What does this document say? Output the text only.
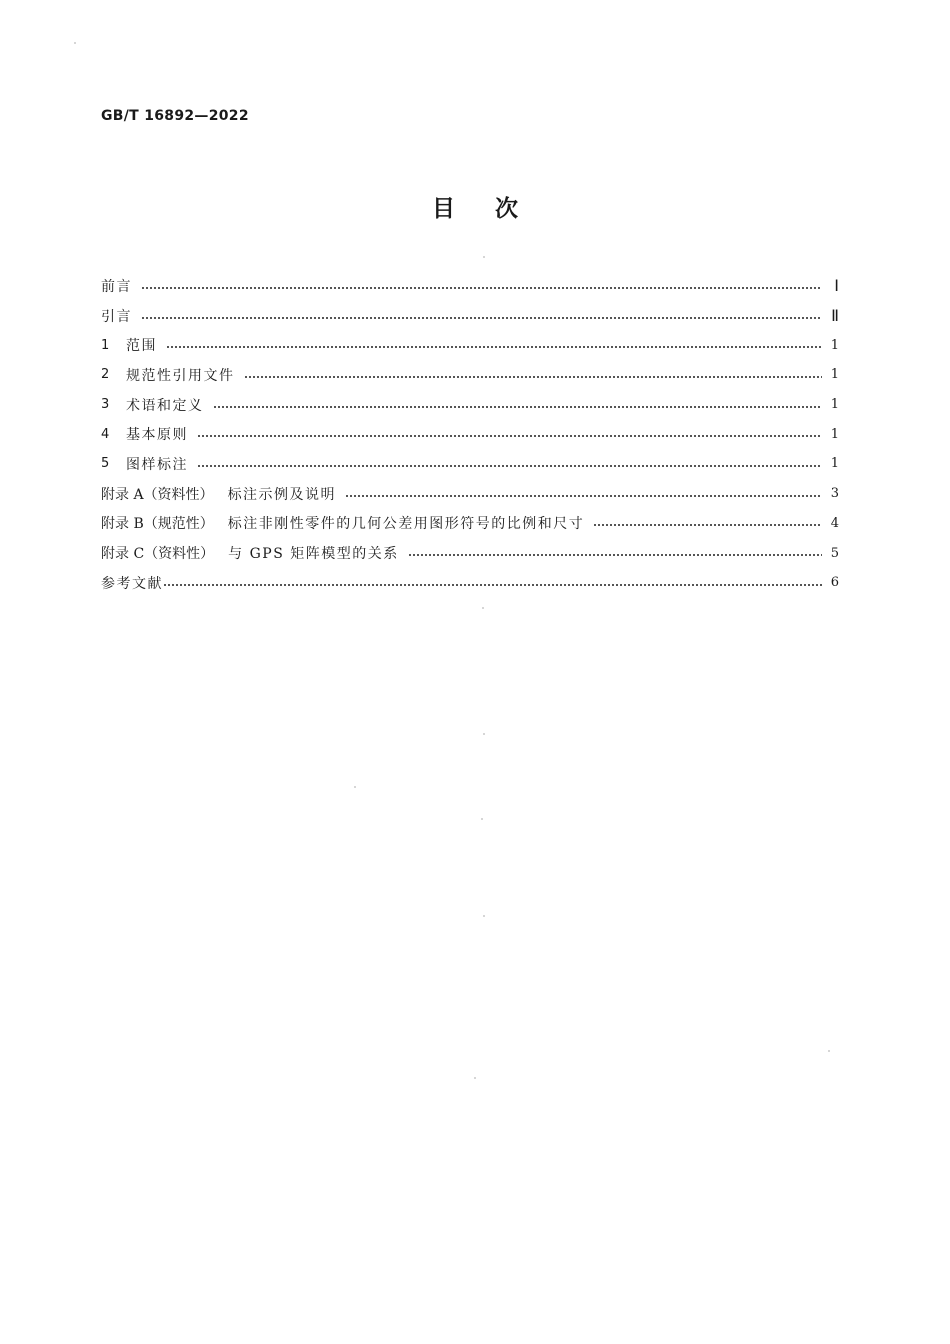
GB/T 16892—2022
目 次
前言	Ⅰ
引言	Ⅱ
1	范围	1
2	规范性引用文件	1
3	术语和定义	1
4	基本原则	1
5	图样标注	1
附录 A（资料性） 标注示例及说明	3
附录 B（规范性） 标注非刚性零件的几何公差用图形符号的比例和尺寸	4
附录 C（资料性） 与 GPS 矩阵模型的关系	5
参考文献	6
